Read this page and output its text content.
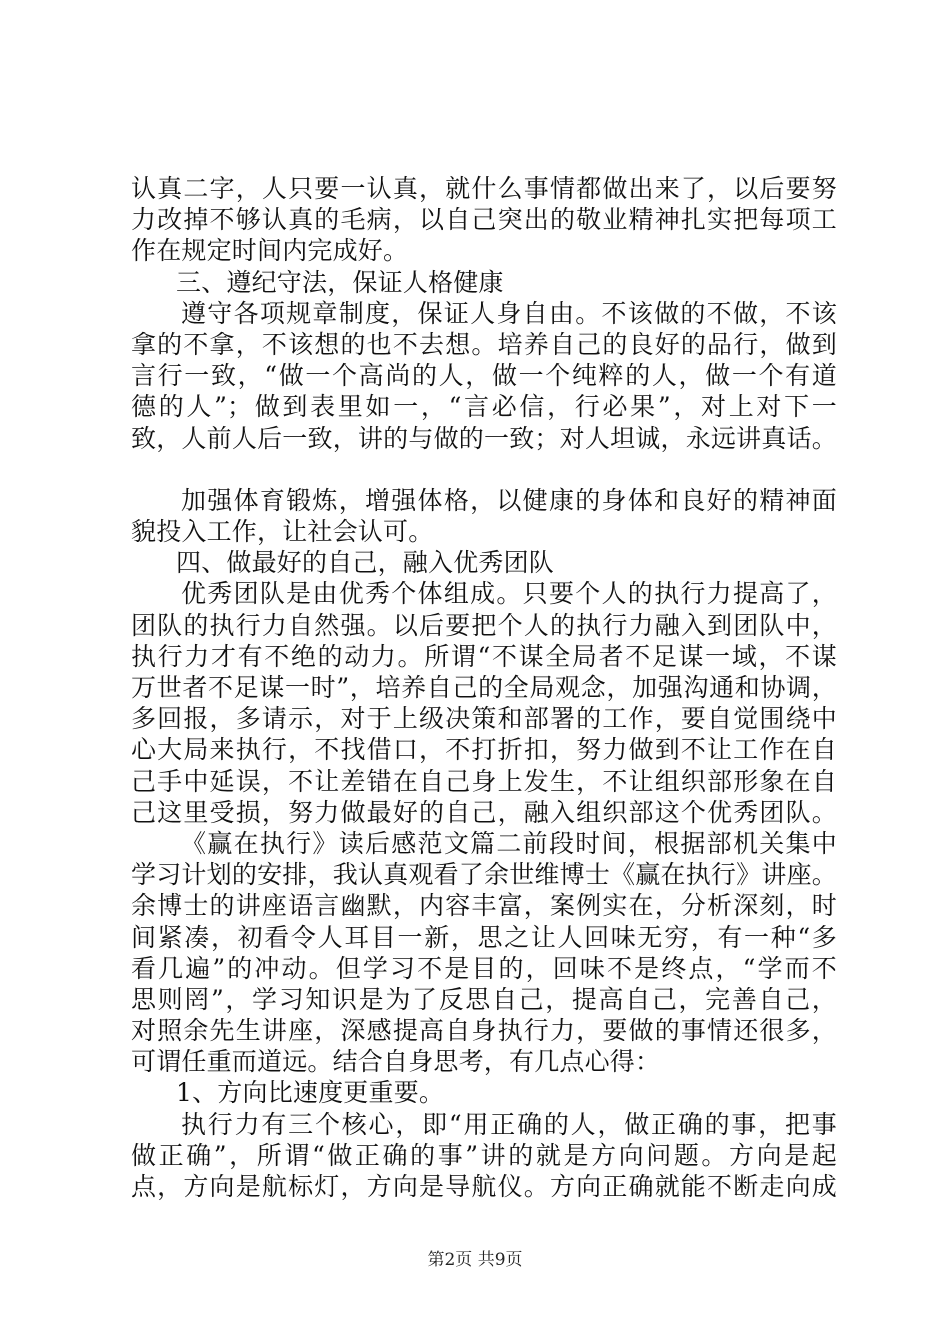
认真二字，人只要一认真，就什么事情都做出来了，以后要努
力改掉不够认真的毛病，以自己突出的敬业精神扎实把每项工
作在规定时间内完成好。
三、遵纪守法，保证人格健康
遵守各项规章制度，保证人身自由。不该做的不做，不该
拿的不拿，不该想的也不去想。培养自己的良好的品行，做到
言行一致，“做一个高尚的人，做一个纯粹的人，做一个有道
德的人”；做到表里如一，“言必信，行必果”，对上对下一
致，人前人后一致，讲的与做的一致；对人坦诚，永远讲真话。
加强体育锻炼，增强体格，以健康的身体和良好的精神面
貌投入工作，让社会认可。
四、做最好的自己，融入优秀团队
优秀团队是由优秀个体组成。只要个人的执行力提高了，
团队的执行力自然强。以后要把个人的执行力融入到团队中，
执行力才有不绝的动力。所谓“不谋全局者不足谋一域，不谋
万世者不足谋一时”，培养自己的全局观念，加强沟通和协调，
多回报，多请示，对于上级决策和部署的工作，要自觉围绕中
心大局来执行，不找借口，不打折扣，努力做到不让工作在自
己手中延误，不让差错在自己身上发生，不让组织部形象在自
己这里受损，努力做最好的自己，融入组织部这个优秀团队。
《赢在执行》读后感范文篇二前段时间，根据部机关集中
学习计划的安排，我认真观看了余世维博士《赢在执行》讲座。
余博士的讲座语言幽默，内容丰富，案例实在，分析深刻，时
间紧凑，初看令人耳目一新，思之让人回味无穷，有一种“多
看几遍”的冲动。但学习不是目的，回味不是终点，“学而不
思则罔”，学习知识是为了反思自己，提高自己，完善自己，
对照余先生讲座，深感提高自身执行力，要做的事情还很多，
可谓任重而道远。结合自身思考，有几点心得：
1、方向比速度更重要。
执行力有三个核心，即“用正确的人，做正确的事，把事
做正确”，所谓“做正确的事”讲的就是方向问题。方向是起
点，方向是航标灯，方向是导航仪。方向正确就能不断走向成
第2页 共9页
